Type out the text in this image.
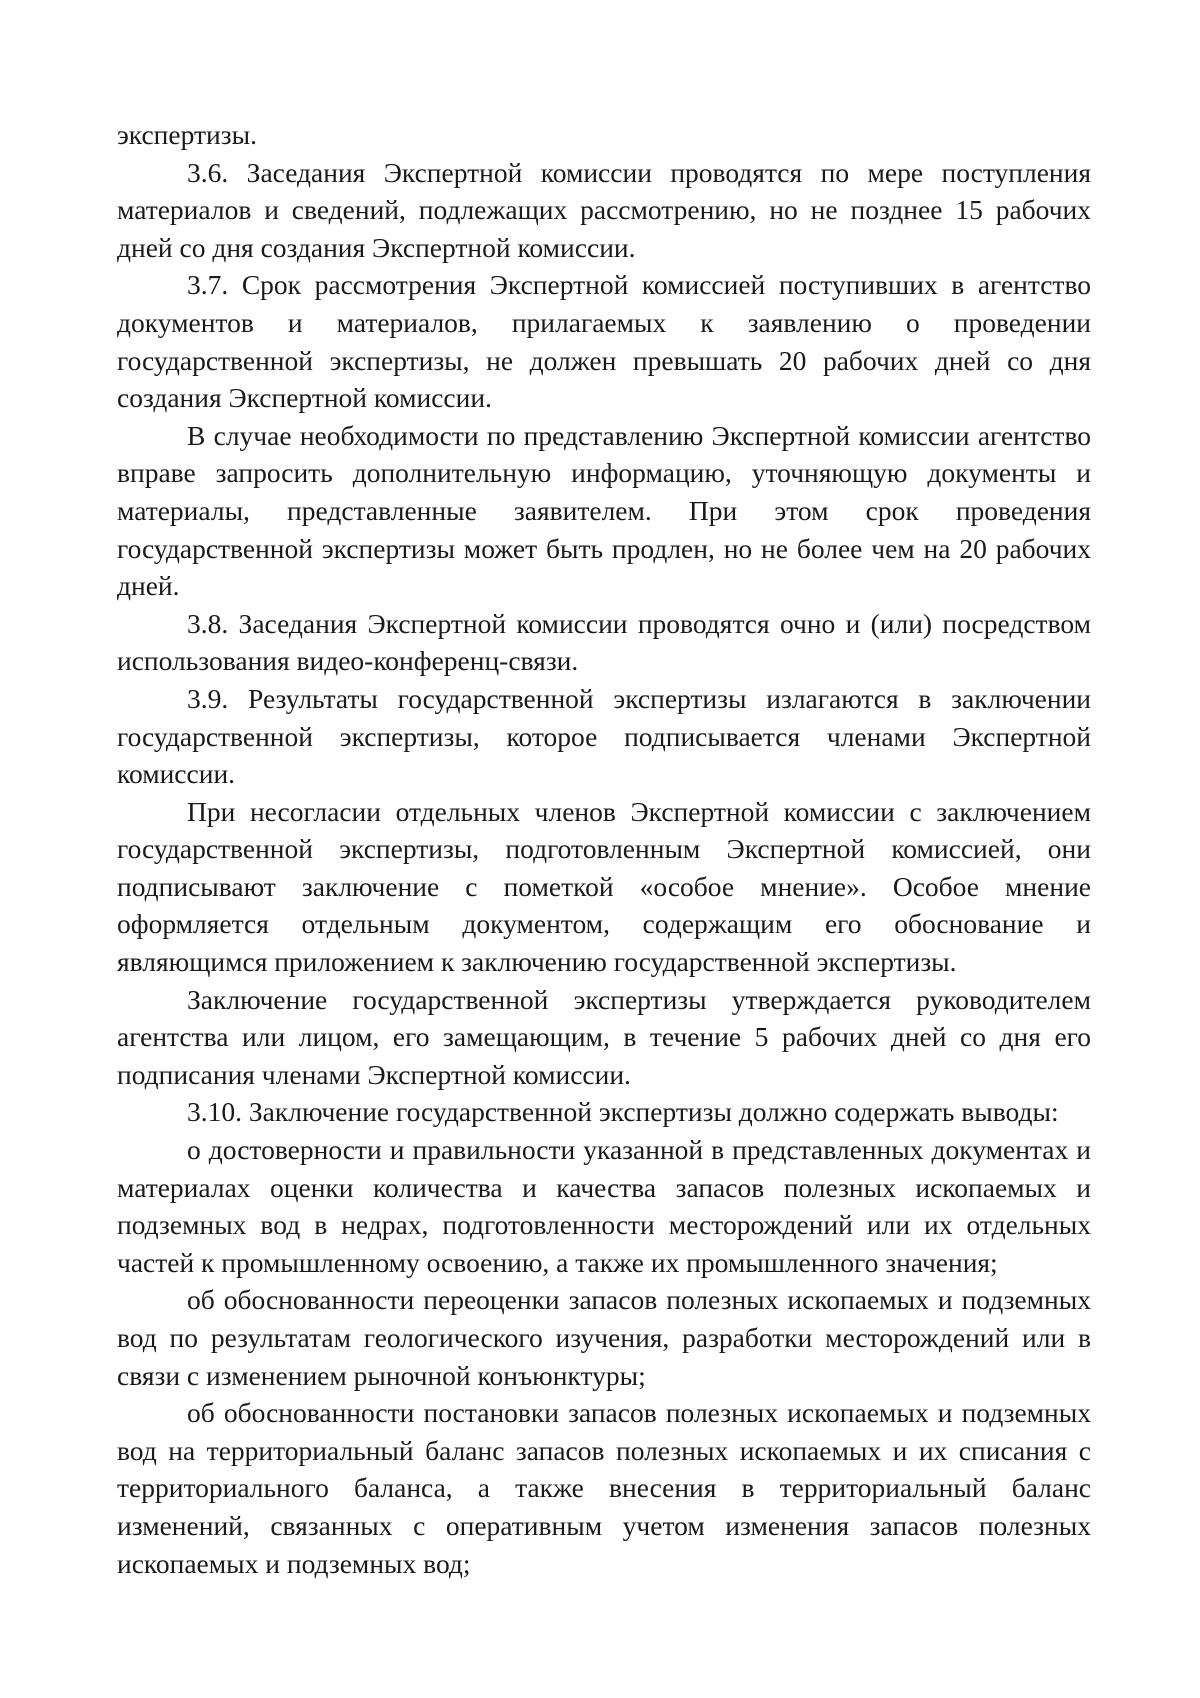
экспертизы.

3.6. Заседания Экспертной комиссии проводятся по мере поступления материалов и сведений, подлежащих рассмотрению, но не позднее 15 рабочих дней со дня создания Экспертной комиссии.

3.7. Срок рассмотрения Экспертной комиссией поступивших в агентство документов и материалов, прилагаемых к заявлению о проведении государственной экспертизы, не должен превышать 20 рабочих дней со дня создания Экспертной комиссии.

В случае необходимости по представлению Экспертной комиссии агентство вправе запросить дополнительную информацию, уточняющую документы и материалы, представленные заявителем. При этом срок проведения государственной экспертизы может быть продлен, но не более чем на 20 рабочих дней.

3.8. Заседания Экспертной комиссии проводятся очно и (или) посредством использования видео-конференц-связи.

3.9. Результаты государственной экспертизы излагаются в заключении государственной экспертизы, которое подписывается членами Экспертной комиссии.

При несогласии отдельных членов Экспертной комиссии с заключением государственной экспертизы, подготовленным Экспертной комиссией, они подписывают заключение с пометкой «особое мнение». Особое мнение оформляется отдельным документом, содержащим его обоснование и являющимся приложением к заключению государственной экспертизы.

Заключение государственной экспертизы утверждается руководителем агентства или лицом, его замещающим, в течение 5 рабочих дней со дня его подписания членами Экспертной комиссии.

3.10. Заключение государственной экспертизы должно содержать выводы:

о достоверности и правильности указанной в представленных документах и материалах оценки количества и качества запасов полезных ископаемых и подземных вод в недрах, подготовленности месторождений или их отдельных частей к промышленному освоению, а также их промышленного значения;

об обоснованности переоценки запасов полезных ископаемых и подземных вод по результатам геологического изучения, разработки месторождений или в связи с изменением рыночной конъюнктуры;

об обоснованности постановки запасов полезных ископаемых и подземных вод на территориальный баланс запасов полезных ископаемых и их списания с территориального баланса, а также внесения в территориальный баланс изменений, связанных с оперативным учетом изменения запасов полезных ископаемых и подземных вод;
